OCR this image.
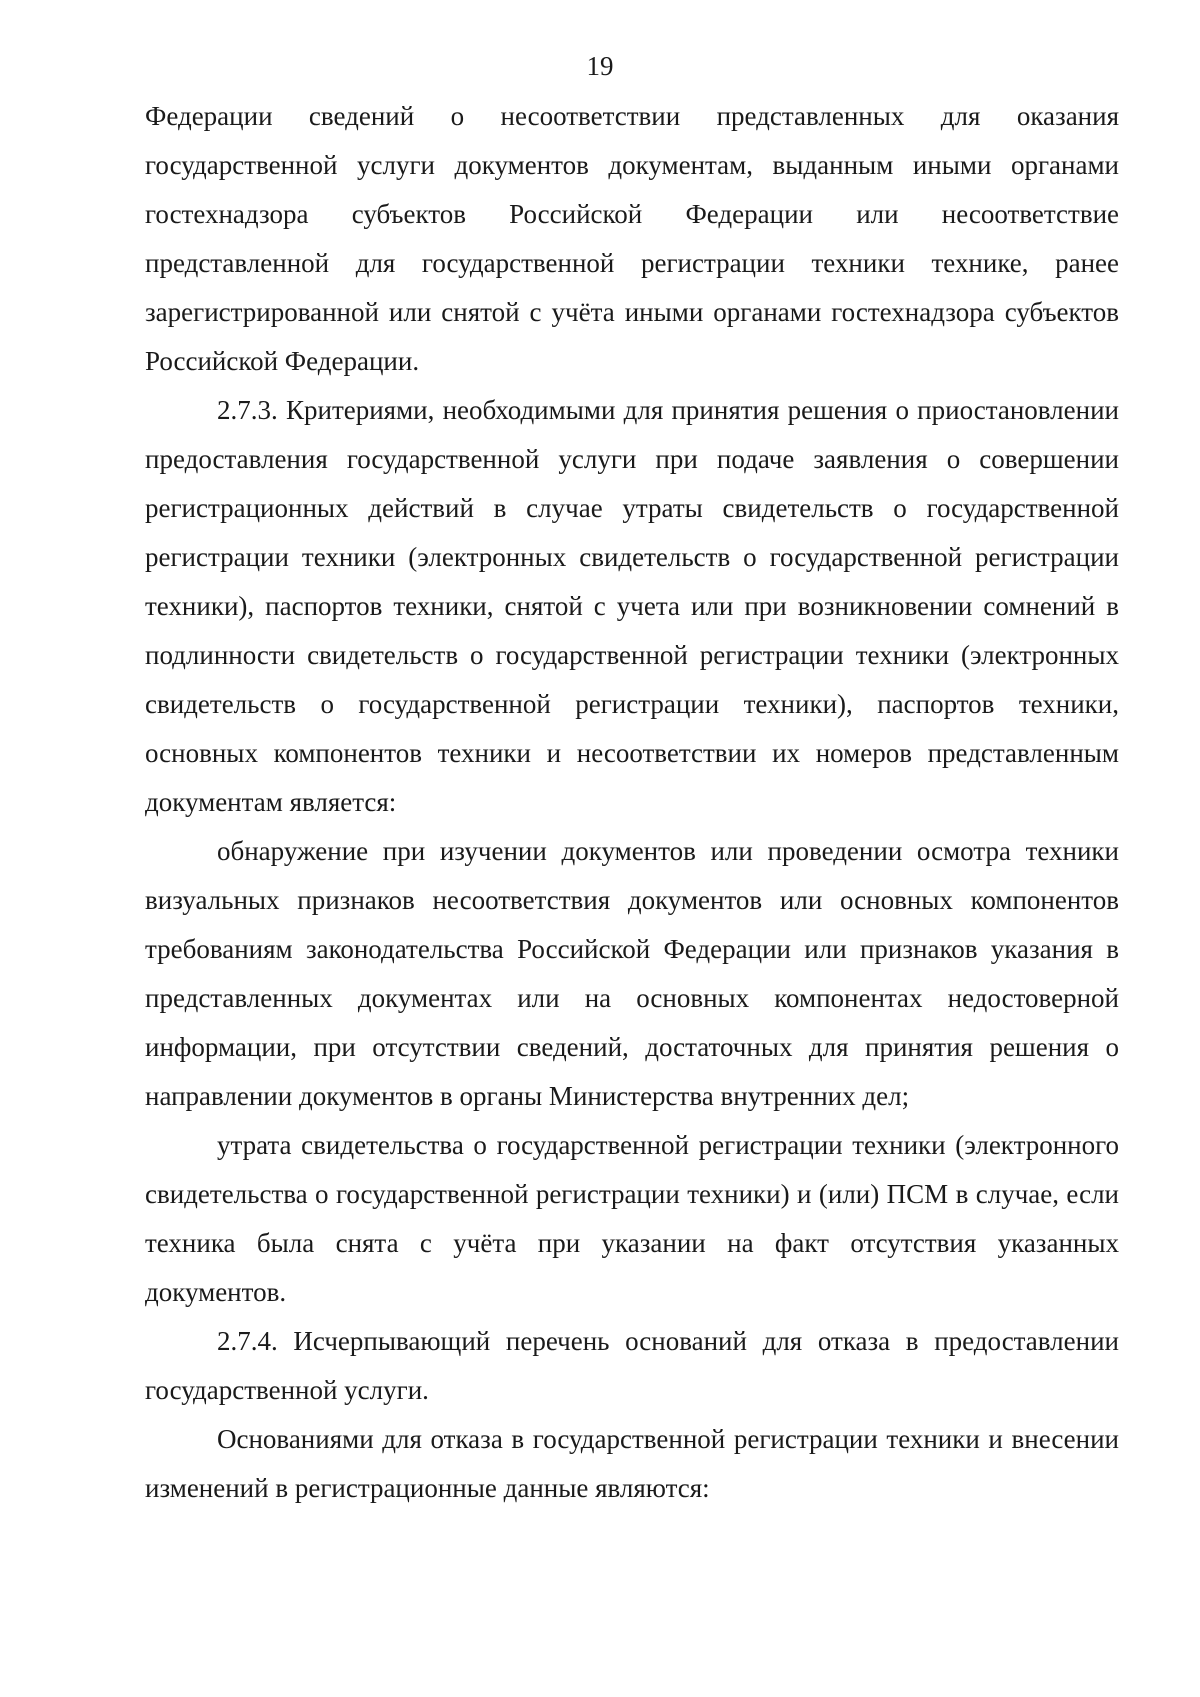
19

Федерации сведений о несоответствии представленных для оказания государственной услуги документов документам, выданным иными органами гостехнадзора субъектов Российской Федерации или несоответствие представленной для государственной регистрации техники технике, ранее зарегистрированной или снятой с учёта иными органами гостехнадзора субъектов Российской Федерации.

2.7.3. Критериями, необходимыми для принятия решения о приостановлении предоставления государственной услуги при подаче заявления о совершении регистрационных действий в случае утраты свидетельств о государственной регистрации техники (электронных свидетельств о государственной регистрации техники), паспортов техники, снятой с учета или при возникновении сомнений в подлинности свидетельств о государственной регистрации техники (электронных свидетельств о государственной регистрации техники), паспортов техники, основных компонентов техники и несоответствии их номеров представленным документам является:

обнаружение при изучении документов или проведении осмотра техники визуальных признаков несоответствия документов или основных компонентов требованиям законодательства Российской Федерации или признаков указания в представленных документах или на основных компонентах недостоверной информации, при отсутствии сведений, достаточных для принятия решения о направлении документов в органы Министерства внутренних дел;

утрата свидетельства о государственной регистрации техники (электронного свидетельства о государственной регистрации техники) и (или) ПСМ в случае, если техника была снята с учёта при указании на факт отсутствия указанных документов.

2.7.4. Исчерпывающий перечень оснований для отказа в предоставлении государственной услуги.

Основаниями для отказа в государственной регистрации техники и внесении изменений в регистрационные данные являются:
